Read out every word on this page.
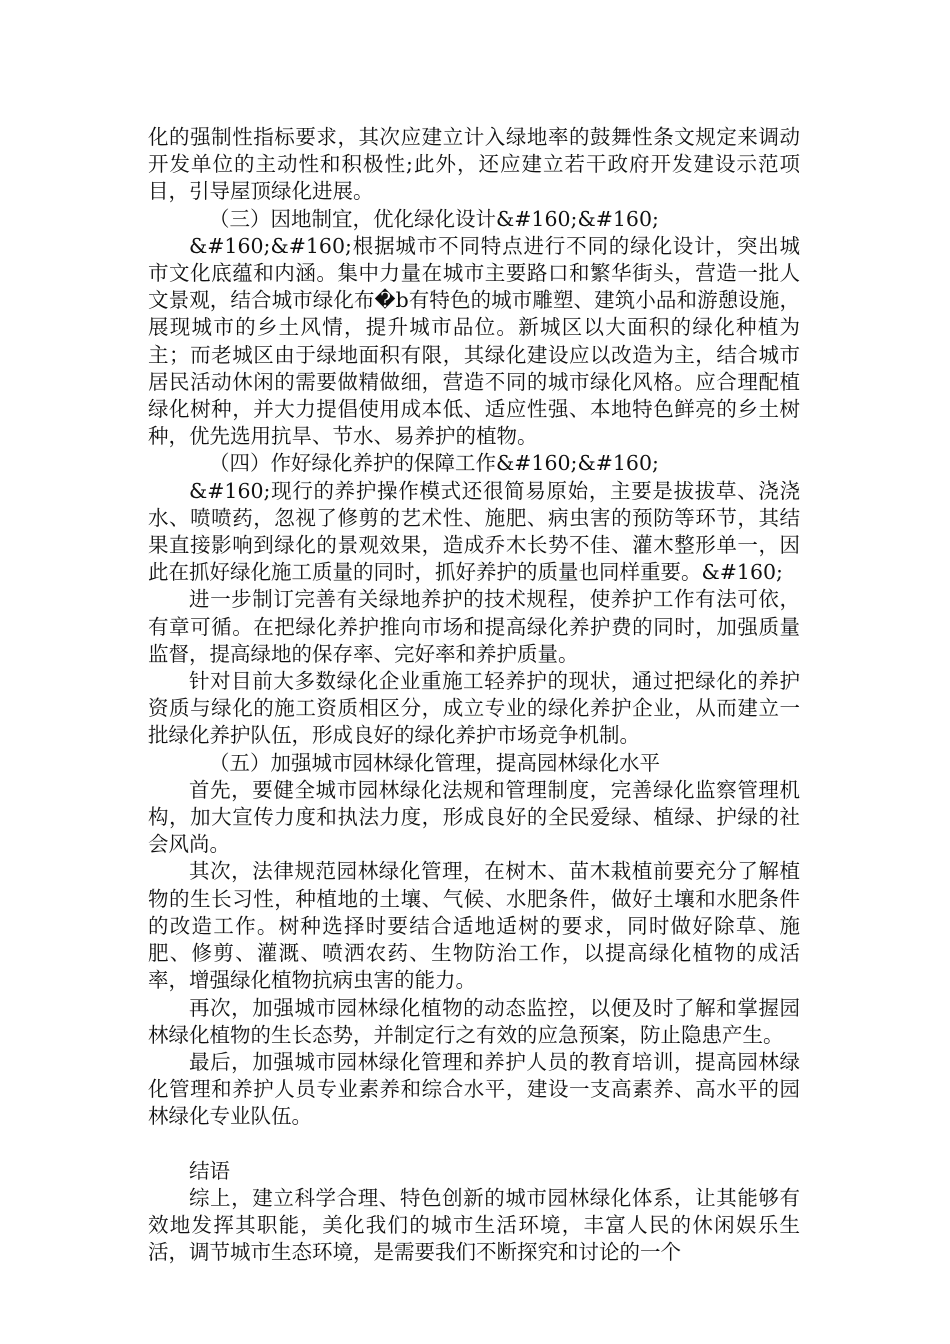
化的强制性指标要求，其次应建立计入绿地率的鼓舞性条文规定来调动开发单位的主动性和积极性;此外，还应建立若干政府开发建设示范项目，引导屋顶绿化进展。

（三）因地制宜，优化绿化设计&#160;&#160;

&#160;&#160;根据城市不同特点进行不同的绿化设计，突出城市文化底蕴和内涵。集中力量在城市主要路口和繁华街头，营造一批人文景观，结合城市绿化布�b有特色的城市雕塑、建筑小品和游憩设施，展现城市的乡土风情，提升城市品位。新城区以大面积的绿化种植为主；而老城区由于绿地面积有限，其绿化建设应以改造为主，结合城市居民活动休闲的需要做精做细，营造不同的城市绿化风格。应合理配植绿化树种，并大力提倡使用成本低、适应性强、本地特色鲜亮的乡土树种，优先选用抗旱、节水、易养护的植物。

（四）作好绿化养护的保障工作&#160;&#160;

&#160;现行的养护操作模式还很简易原始，主要是拔拔草、浇浇水、喷喷药，忽视了修剪的艺术性、施肥、病虫害的预防等环节，其结果直接影响到绿化的景观效果，造成乔木长势不佳、灌木整形单一，因此在抓好绿化施工质量的同时，抓好养护的质量也同样重要。&#160;

进一步制订完善有关绿地养护的技术规程，使养护工作有法可依，有章可循。在把绿化养护推向市场和提高绿化养护费的同时，加强质量监督，提高绿地的保存率、完好率和养护质量。

针对目前大多数绿化企业重施工轻养护的现状，通过把绿化的养护资质与绿化的施工资质相区分，成立专业的绿化养护企业，从而建立一批绿化养护队伍，形成良好的绿化养护市场竞争机制。

（五）加强城市园林绿化管理，提高园林绿化水平

首先，要健全城市园林绿化法规和管理制度，完善绿化监察管理机构，加大宣传力度和执法力度，形成良好的全民爱绿、植绿、护绿的社会风尚。

其次，法律规范园林绿化管理，在树木、苗木栽植前要充分了解植物的生长习性，种植地的土壤、气候、水肥条件，做好土壤和水肥条件的改造工作。树种选择时要结合适地适树的要求，同时做好除草、施肥、修剪、灌溉、喷洒农药、生物防治工作，以提高绿化植物的成活率，增强绿化植物抗病虫害的能力。

再次，加强城市园林绿化植物的动态监控，以便及时了解和掌握园林绿化植物的生长态势，并制定行之有效的应急预案，防止隐患产生。

最后，加强城市园林绿化管理和养护人员的教育培训，提高园林绿化管理和养护人员专业素养和综合水平，建设一支高素养、高水平的园林绿化专业队伍。

结语

综上，建立科学合理、特色创新的城市园林绿化体系，让其能够有效地发挥其职能，美化我们的城市生活环境，丰富人民的休闲娱乐生活，调节城市生态环境，是需要我们不断探究和讨论的一个
